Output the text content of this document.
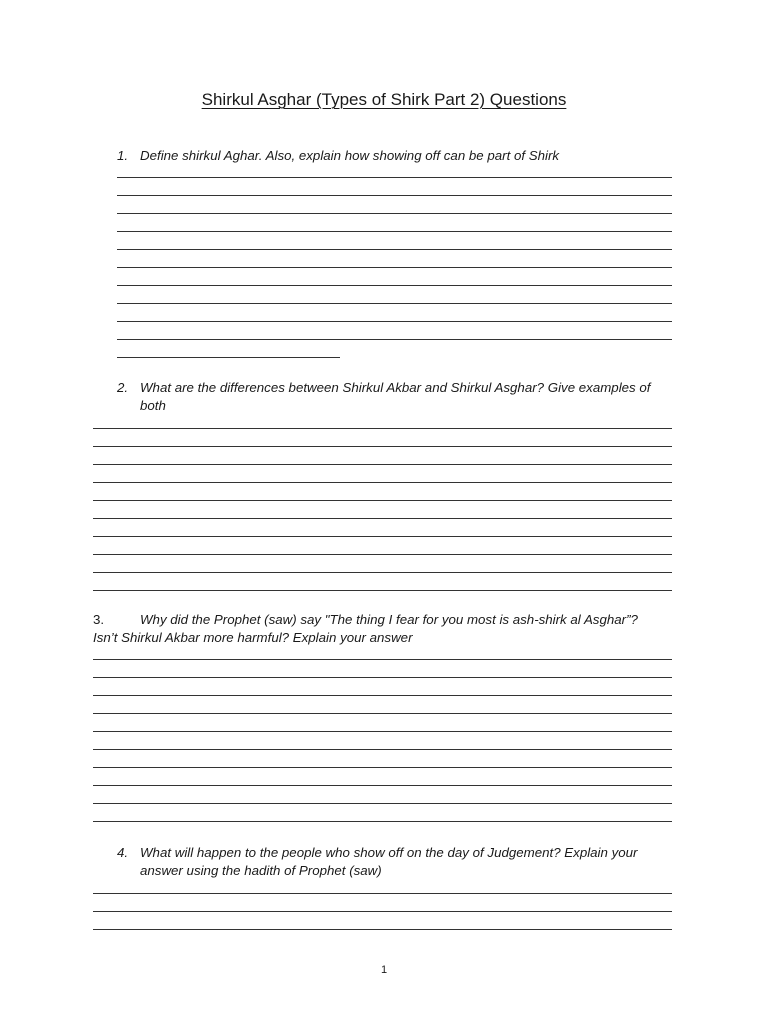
Shirkul Asghar (Types of Shirk Part 2) Questions
1. Define shirkul Aghar. Also, explain how showing off can be part of Shirk
2. What are the differences between Shirkul Akbar and Shirkul Asghar? Give examples of
both
3.	Why did the Prophet (saw) say "The thing I fear for you most is ash-shirk al Asghar”?
Isn’t Shirkul Akbar more harmful? Explain your answer
4. What will happen to the people who show off on the day of Judgement? Explain your
answer using the hadith of Prophet (saw)
1
